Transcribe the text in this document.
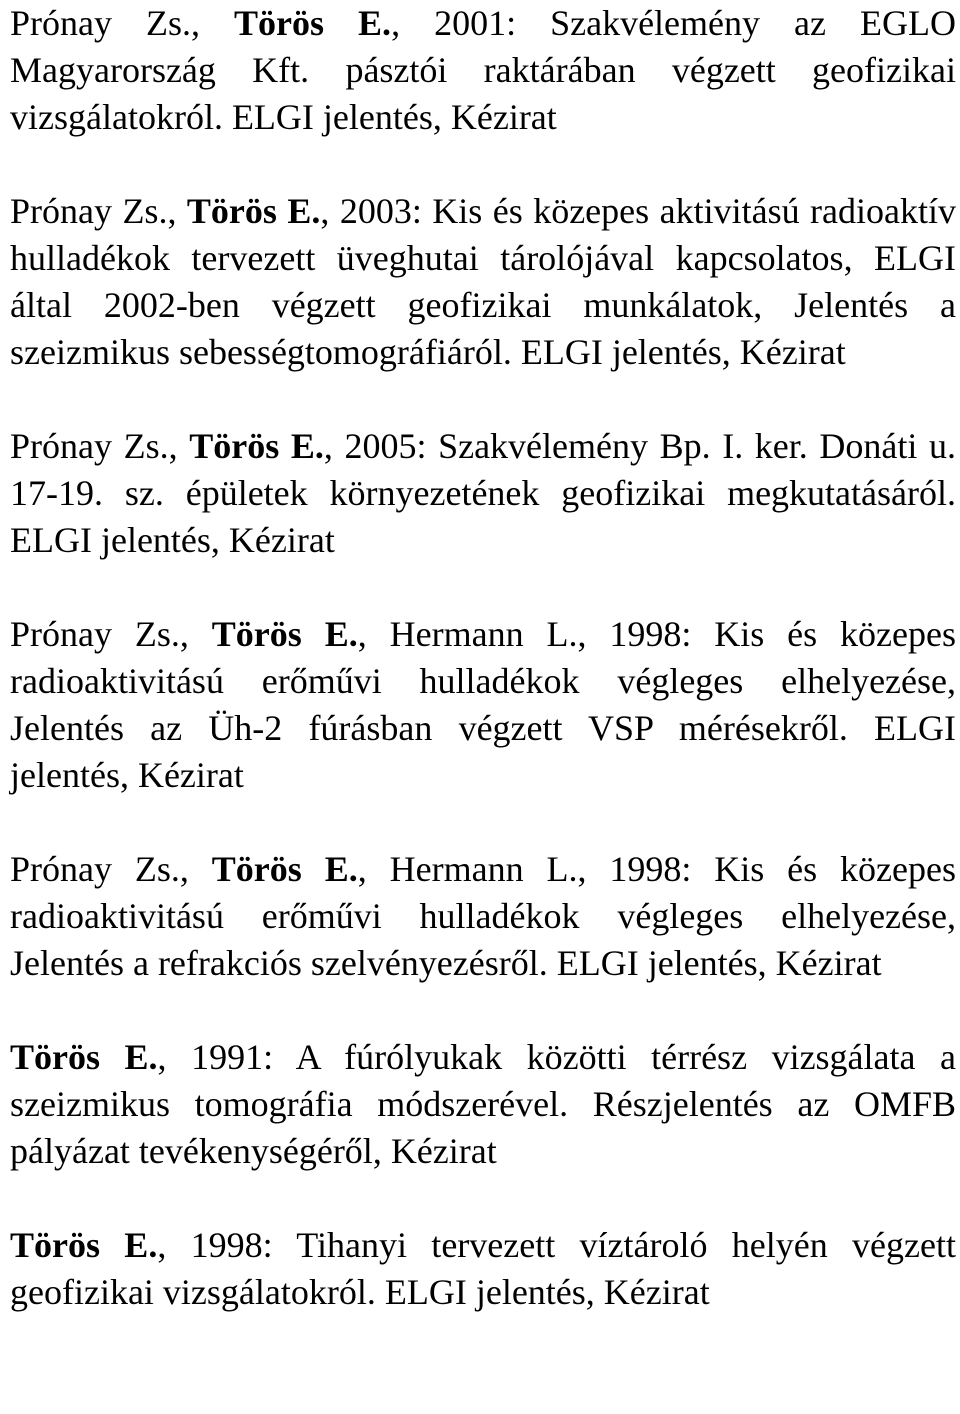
Prónay Zs., Törös E., 2001: Szakvélemény az EGLO Magyarország Kft. pásztói raktárában végzett geofizikai vizsgálatokról. ELGI jelentés, Kézirat

Prónay Zs., Törös E., 2003: Kis és közepes aktivitású radioaktív hulladékok tervezett üveghutai tárolójával kapcsolatos, ELGI által 2002-ben végzett geofizikai munkálatok, Jelentés a szeizmikus sebességtomográfiáról. ELGI jelentés, Kézirat

Prónay Zs., Törös E., 2005: Szakvélemény Bp. I. ker. Donáti u. 17-19. sz. épületek környezetének geofizikai megkutatásáról. ELGI jelentés, Kézirat

Prónay Zs., Törös E., Hermann L., 1998: Kis és közepes radioaktivitású erőművi hulladékok végleges elhelyezése, Jelentés az Üh-2 fúrásban végzett VSP mérésekről. ELGI jelentés, Kézirat

Prónay Zs., Törös E., Hermann L., 1998: Kis és közepes radioaktivitású erőművi hulladékok végleges elhelyezése, Jelentés a refrakciós szelvényezésről. ELGI jelentés, Kézirat

Törös E., 1991: A fúrólyukak közötti térrész vizsgálata a szeizmikus tomográfia módszerével. Részjelentés az OMFB pályázat tevékenységéről, Kézirat

Törös E., 1998: Tihanyi tervezett víztároló helyén végzett geofizikai vizsgálatokról. ELGI jelentés, Kézirat
